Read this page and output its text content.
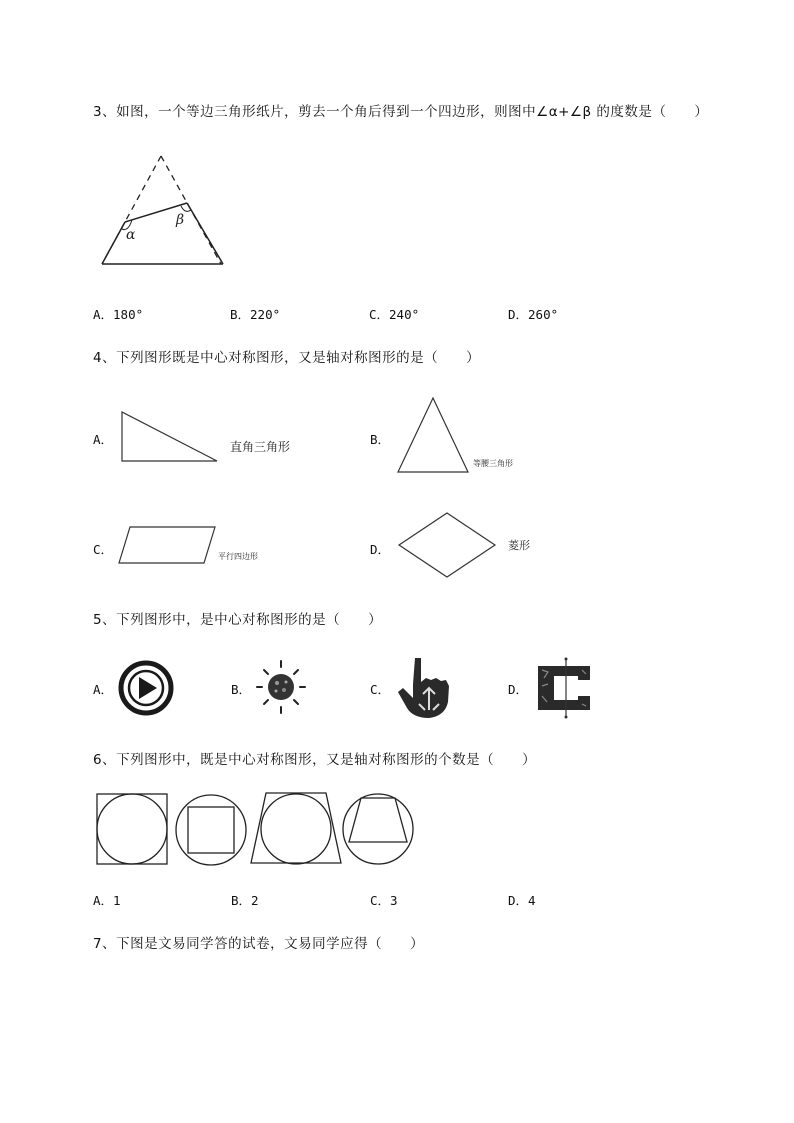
3、如图，一个等边三角形纸片，剪去一个角后得到一个四边形，则图中∠α+∠β 的度数是（　　）
α
β
A．180°	B．220°	C．240°	D．260°
4、下列图形既是中心对称图形，又是轴对称图形的是（　　）
A．	直角三角形	B．
等腰三角形
C．	平行四边形	D．	菱形
5、下列图形中，是中心对称图形的是（　　）
A．	B．	C．	D．
6、下列图形中，既是中心对称图形，又是轴对称图形的个数是（　　）
A．1	B．2	C．3	D．4
7、下图是文易同学答的试卷，文易同学应得（　　）
